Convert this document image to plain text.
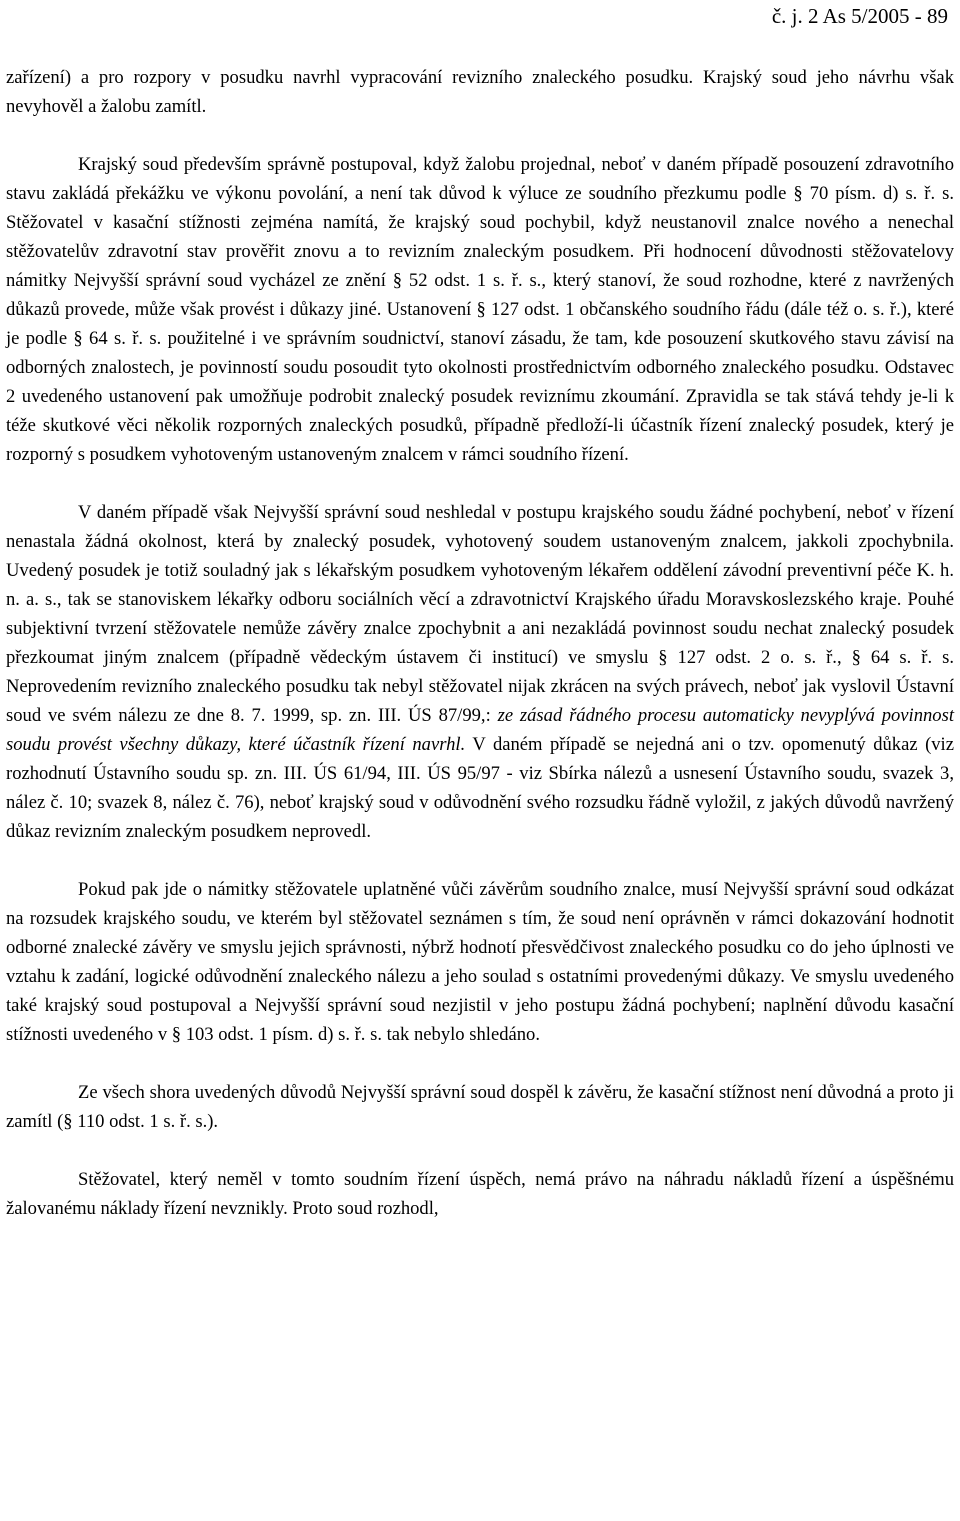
č. j. 2 As 5/2005 - 89

zařízení) a pro rozpory v posudku navrhl vypracování revizního znaleckého posudku. Krajský soud jeho návrhu však nevyhověl a žalobu zamítl.

Krajský soud především správně postupoval, když žalobu projednal, neboť v daném případě posouzení zdravotního stavu zakládá překážku ve výkonu povolání, a není tak důvod k výluce ze soudního přezkumu podle § 70 písm. d) s. ř. s. Stěžovatel v kasační stížnosti zejména namítá, že krajský soud pochybil, když neustanovil znalce nového a nenechal stěžovatelův zdravotní stav prověřit znovu a to revizním znaleckým posudkem. Při hodnocení důvodnosti stěžovatelovy námitky Nejvyšší správní soud vycházel ze znění § 52 odst. 1 s. ř. s., který stanoví, že soud rozhodne, které z navržených důkazů provede, může však provést i důkazy jiné. Ustanovení § 127 odst. 1 občanského soudního řádu (dále též o. s. ř.), které je podle § 64 s. ř. s. použitelné i ve správním soudnictví, stanoví zásadu, že tam, kde posouzení skutkového stavu závisí na odborných znalostech, je povinností soudu posoudit tyto okolnosti prostřednictvím odborného znaleckého posudku. Odstavec 2 uvedeného ustanovení pak umožňuje podrobit znalecký posudek reviznímu zkoumání. Zpravidla se tak stává tehdy je-li k téže skutkové věci několik rozporných znaleckých posudků, případně předloží-li účastník řízení znalecký posudek, který je rozporný s posudkem vyhotoveným ustanoveným znalcem v rámci soudního řízení.

V daném případě však Nejvyšší správní soud neshledal v postupu krajského soudu žádné pochybení, neboť v řízení nenastala žádná okolnost, která by znalecký posudek, vyhotovený soudem ustanoveným znalcem, jakkoli zpochybnila. Uvedený posudek je totiž souladný jak s lékařským posudkem vyhotoveným lékařem oddělení závodní preventivní péče K. h. n. a. s., tak se stanoviskem lékařky odboru sociálních věcí a zdravotnictví Krajského úřadu Moravskoslezského kraje. Pouhé subjektivní tvrzení stěžovatele nemůže závěry znalce zpochybnit a ani nezakládá povinnost soudu nechat znalecký posudek přezkoumat jiným znalcem (případně vědeckým ústavem či institucí) ve smyslu § 127 odst. 2 o. s. ř., § 64 s. ř. s. Neprovedením revizního znaleckého posudku tak nebyl stěžovatel nijak zkrácen na svých právech, neboť jak vyslovil Ústavní soud ve svém nálezu ze dne 8. 7. 1999, sp. zn. III. ÚS 87/99,: ze zásad řádného procesu automaticky nevyplývá povinnost soudu provést všechny důkazy, které účastník řízení navrhl. V daném případě se nejedná ani o tzv. opomenutý důkaz (viz rozhodnutí Ústavního soudu sp. zn. III. ÚS 61/94, III. ÚS 95/97 - viz Sbírka nálezů a usnesení Ústavního soudu, svazek 3, nález č. 10; svazek 8, nález č. 76), neboť krajský soud v odůvodnění svého rozsudku řádně vyložil, z jakých důvodů navržený důkaz revizním znaleckým posudkem neprovedl.

Pokud pak jde o námitky stěžovatele uplatněné vůči závěrům soudního znalce, musí Nejvyšší správní soud odkázat na rozsudek krajského soudu, ve kterém byl stěžovatel seznámen s tím, že soud není oprávněn v rámci dokazování hodnotit odborné znalecké závěry ve smyslu jejich správnosti, nýbrž hodnotí přesvědčivost znaleckého posudku co do jeho úplnosti ve vztahu k zadání, logické odůvodnění znaleckého nálezu a jeho soulad s ostatními provedenými důkazy. Ve smyslu uvedeného také krajský soud postupoval a Nejvyšší správní soud nezjistil v jeho postupu žádná pochybení; naplnění důvodu kasační stížnosti uvedeného v § 103 odst. 1 písm. d) s. ř. s. tak nebylo shledáno.

Ze všech shora uvedených důvodů Nejvyšší správní soud dospěl k závěru, že kasační stížnost není důvodná a proto ji zamítl (§ 110 odst. 1 s. ř. s.).

Stěžovatel, který neměl v tomto soudním řízení úspěch, nemá právo na náhradu nákladů řízení a úspěšnému žalovanému náklady řízení nevznikly. Proto soud rozhodl,
